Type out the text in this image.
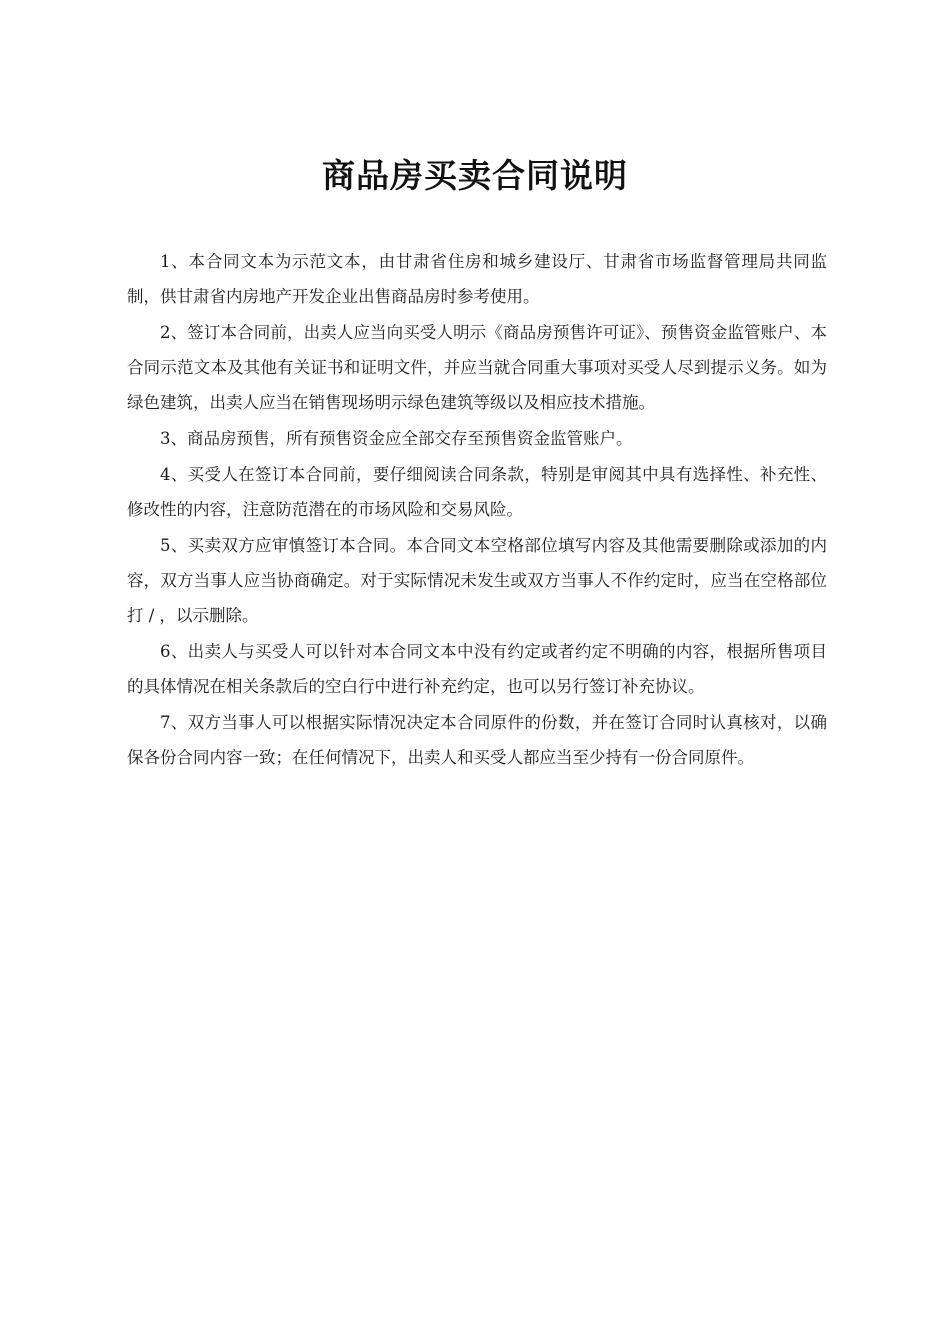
商品房买卖合同说明

1、本合同文本为示范文本，由甘肃省住房和城乡建设厅、甘肃省市场监督管理局共同监制，供甘肃省内房地产开发企业出售商品房时参考使用。

2、签订本合同前，出卖人应当向买受人明示《商品房预售许可证》、预售资金监管账户、本合同示范文本及其他有关证书和证明文件，并应当就合同重大事项对买受人尽到提示义务。如为绿色建筑，出卖人应当在销售现场明示绿色建筑等级以及相应技术措施。

3、商品房预售，所有预售资金应全部交存至预售资金监管账户。

4、买受人在签订本合同前，要仔细阅读合同条款，特别是审阅其中具有选择性、补充性、修改性的内容，注意防范潜在的市场风险和交易风险。

5、买卖双方应审慎签订本合同。本合同文本空格部位填写内容及其他需要删除或添加的内容，双方当事人应当协商确定。对于实际情况未发生或双方当事人不作约定时，应当在空格部位打 / ，以示删除。

6、出卖人与买受人可以针对本合同文本中没有约定或者约定不明确的内容，根据所售项目的具体情况在相关条款后的空白行中进行补充约定，也可以另行签订补充协议。

7、双方当事人可以根据实际情况决定本合同原件的份数，并在签订合同时认真核对，以确保各份合同内容一致；在任何情况下，出卖人和买受人都应当至少持有一份合同原件。
